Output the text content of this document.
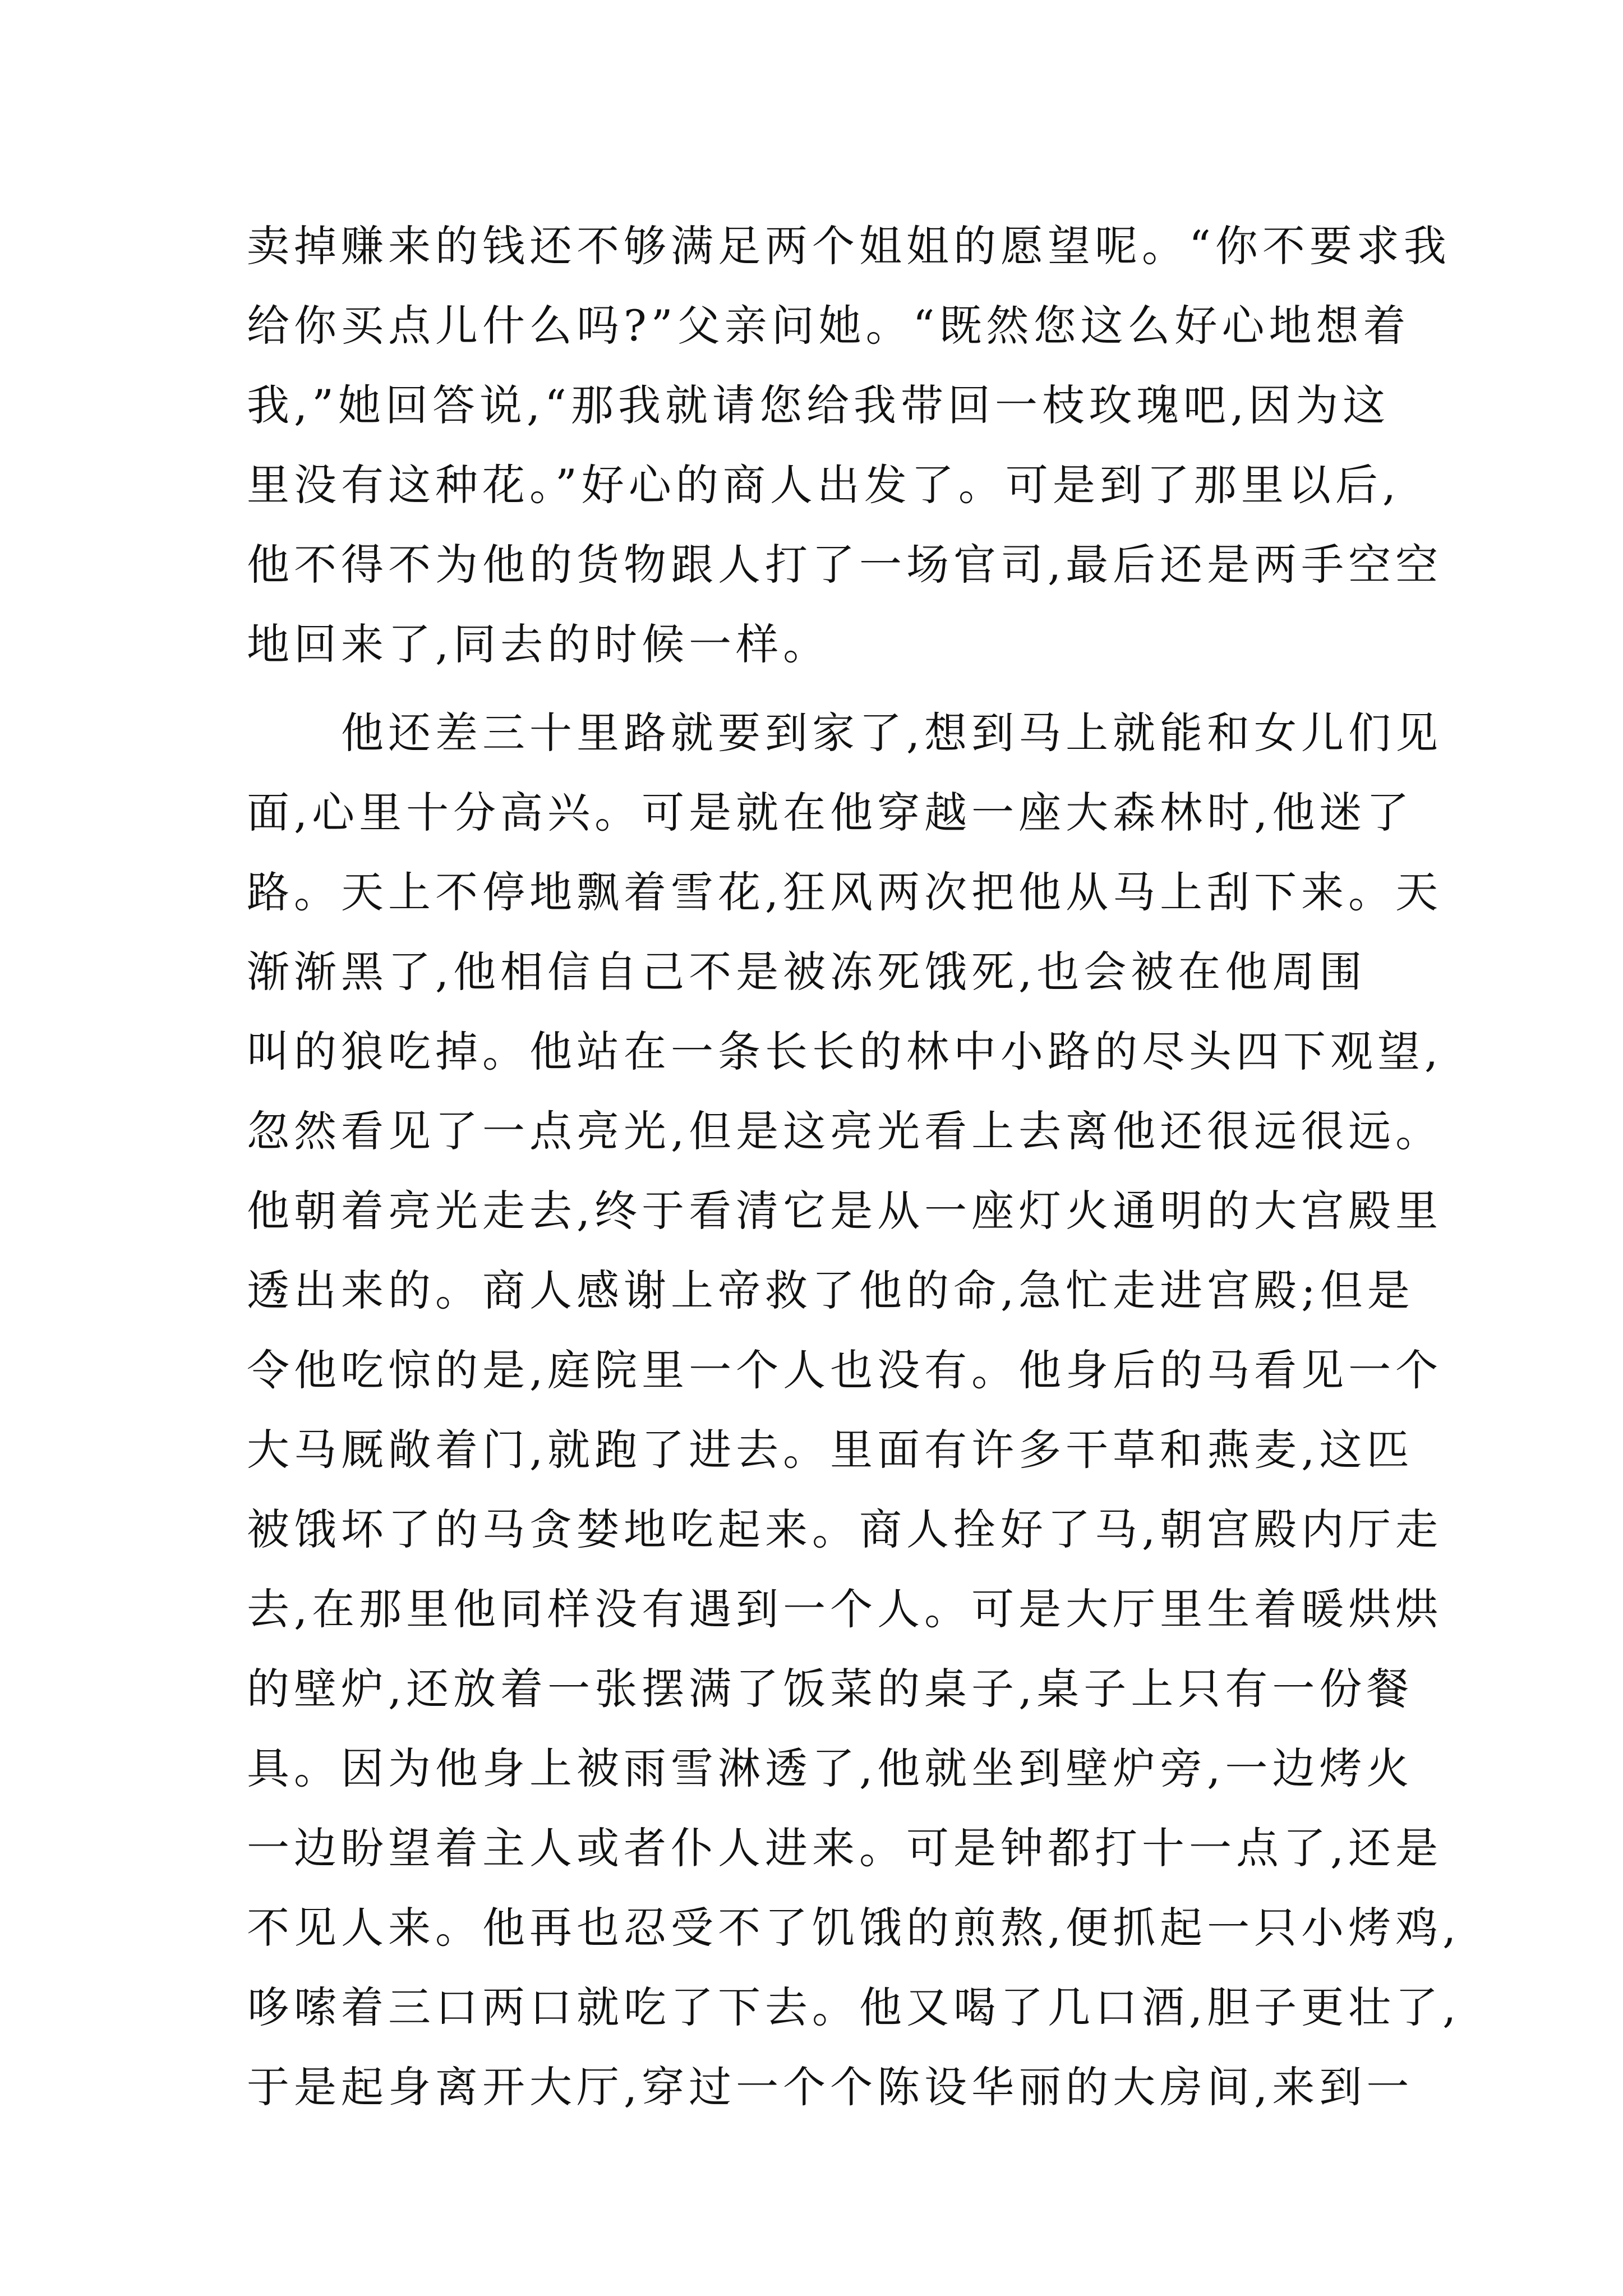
卖掉赚来的钱还不够满足两个姐姐的愿望呢。“你不要求我
给你买点儿什么吗?”父亲问她。“既然您这么好心地想着
我,”她回答说,“那我就请您给我带回一枝玫瑰吧,因为这
里没有这种花。”好心的商人出发了。可是到了那里以后,
他不得不为他的货物跟人打了一场官司,最后还是两手空空
地回来了,同去的时候一样。
他还差三十里路就要到家了,想到马上就能和女儿们见
面,心里十分高兴。可是就在他穿越一座大森林时,他迷了
路。天上不停地飘着雪花,狂风两次把他从马上刮下来。天
渐渐黑了,他相信自己不是被冻死饿死,也会被在他周围
叫的狼吃掉。他站在一条长长的林中小路的尽头四下观望,
忽然看见了一点亮光,但是这亮光看上去离他还很远很远。
他朝着亮光走去,终于看清它是从一座灯火通明的大宫殿里
透出来的。商人感谢上帝救了他的命,急忙走进宫殿;但是
令他吃惊的是,庭院里一个人也没有。他身后的马看见一个
大马厩敞着门,就跑了进去。里面有许多干草和燕麦,这匹
被饿坏了的马贪婪地吃起来。商人拴好了马,朝宫殿内厅走
去,在那里他同样没有遇到一个人。可是大厅里生着暖烘烘
的壁炉,还放着一张摆满了饭菜的桌子,桌子上只有一份餐
具。因为他身上被雨雪淋透了,他就坐到壁炉旁,一边烤火
一边盼望着主人或者仆人进来。可是钟都打十一点了,还是
不见人来。他再也忍受不了饥饿的煎熬,便抓起一只小烤鸡,
哆嗦着三口两口就吃了下去。他又喝了几口酒,胆子更壮了,
于是起身离开大厅,穿过一个个陈设华丽的大房间,来到一
